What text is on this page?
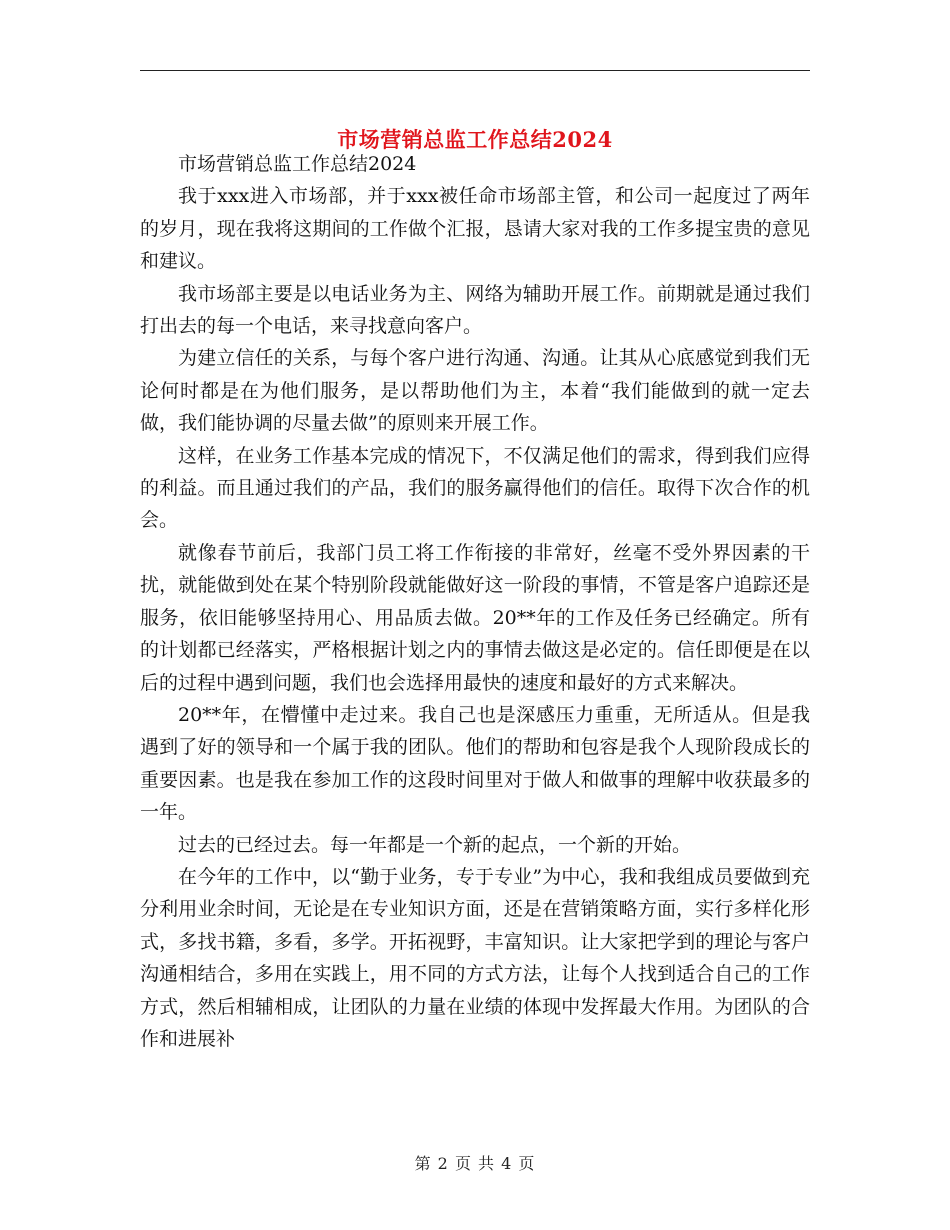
市场营销总监工作总结2024

市场营销总监工作总结2024

我于xxx进入市场部，并于xxx被任命市场部主管，和公司一起度过了两年的岁月，现在我将这期间的工作做个汇报，恳请大家对我的工作多提宝贵的意见和建议。

我市场部主要是以电话业务为主、网络为辅助开展工作。前期就是通过我们打出去的每一个电话，来寻找意向客户。

为建立信任的关系，与每个客户进行沟通、沟通。让其从心底感觉到我们无论何时都是在为他们服务，是以帮助他们为主，本着“我们能做到的就一定去做，我们能协调的尽量去做”的原则来开展工作。

这样，在业务工作基本完成的情况下，不仅满足他们的需求，得到我们应得的利益。而且通过我们的产品，我们的服务赢得他们的信任。取得下次合作的机会。

就像春节前后，我部门员工将工作衔接的非常好，丝毫不受外界因素的干扰，就能做到处在某个特别阶段就能做好这一阶段的事情，不管是客户追踪还是服务，依旧能够坚持用心、用品质去做。20**年的工作及任务已经确定。所有的计划都已经落实，严格根据计划之内的事情去做这是必定的。信任即便是在以后的过程中遇到问题，我们也会选择用最快的速度和最好的方式来解决。

20**年，在懵懂中走过来。我自己也是深感压力重重，无所适从。但是我遇到了好的领导和一个属于我的团队。他们的帮助和包容是我个人现阶段成长的重要因素。也是我在参加工作的这段时间里对于做人和做事的理解中收获最多的一年。

过去的已经过去。每一年都是一个新的起点，一个新的开始。

在今年的工作中，以“勤于业务，专于专业”为中心，我和我组成员要做到充分利用业余时间，无论是在专业知识方面，还是在营销策略方面，实行多样化形式，多找书籍，多看，多学。开拓视野，丰富知识。让大家把学到的理论与客户沟通相结合，多用在实践上，用不同的方式方法，让每个人找到适合自己的工作方式，然后相辅相成，让团队的力量在业绩的体现中发挥最大作用。为团队的合作和进展补

第 2 页 共 4 页
